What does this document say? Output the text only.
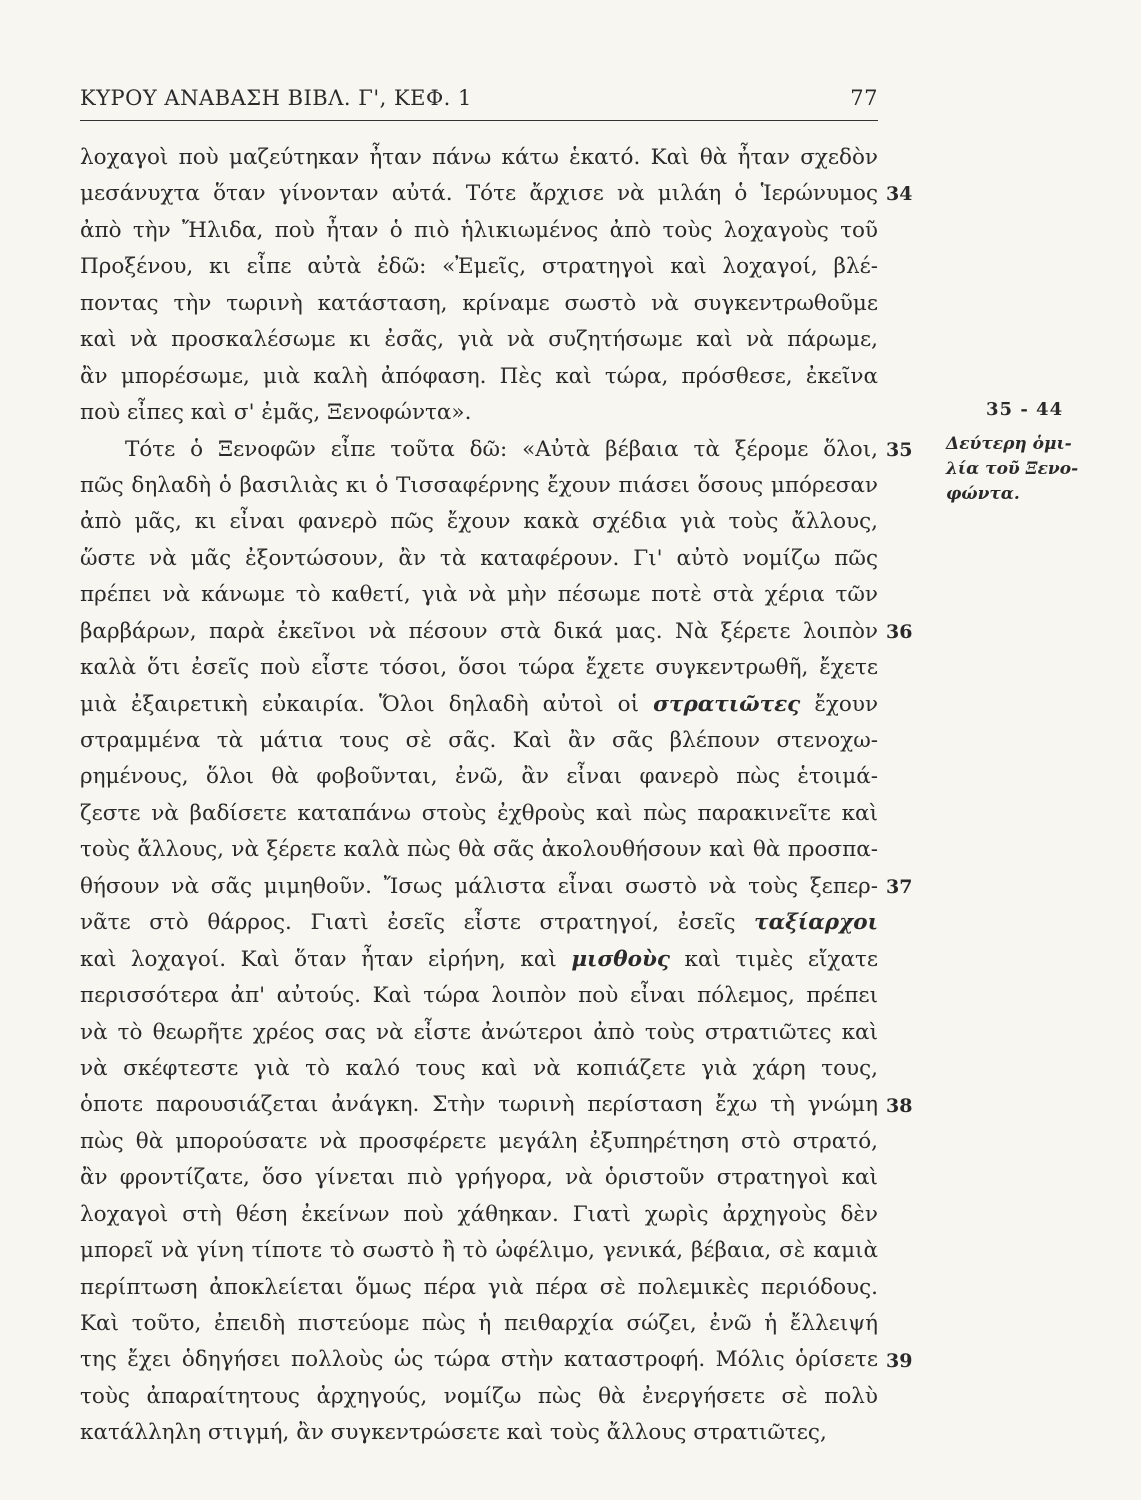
ΚΥΡΟΥ ΑΝΑΒΑΣΗ ΒΙΒΛ. Γ', ΚΕΦ. 1	77
λοχαγοὶ ποὺ μαζεύτηκαν ἦταν πάνω κάτω ἑκατό. Καὶ θὰ ἦταν σχεδὸν
μεσάνυχτα ὅταν γίνονταν αὐτά. Τότε ἄρχισε νὰ μιλάη ὁ Ἱερώνυμος
ἀπὸ τὴν Ἤλιδα, ποὺ ἦταν ὁ πιὸ ἡλικιωμένος ἀπὸ τοὺς λοχαγοὺς τοῦ
Προξένου, κι εἶπε αὐτὰ ἐδῶ: «Ἐμεῖς, στρατηγοὶ καὶ λοχαγοί, βλέ-
ποντας τὴν τωρινὴ κατάσταση, κρίναμε σωστὸ νὰ συγκεντρωθοῦμε
καὶ νὰ προσκαλέσωμε κι ἐσᾶς, γιὰ νὰ συζητήσωμε καὶ νὰ πάρωμε,
ἂν μπορέσωμε, μιὰ καλὴ ἀπόφαση. Πὲς καὶ τώρα, πρόσθεσε, ἐκεῖνα
ποὺ εἶπες καὶ σ' ἐμᾶς, Ξενοφώντα».
Τότε ὁ Ξενοφῶν εἶπε τοῦτα δῶ: «Αὐτὰ βέβαια τὰ ξέρομε ὅλοι,
πῶς δηλαδὴ ὁ βασιλιὰς κι ὁ Τισσαφέρνης ἔχουν πιάσει ὅσους μπόρεσαν
ἀπὸ μᾶς, κι εἶναι φανερὸ πῶς ἔχουν κακὰ σχέδια γιὰ τοὺς ἄλλους,
ὥστε νὰ μᾶς ἐξοντώσουν, ἂν τὰ καταφέρουν. Γι' αὐτὸ νομίζω πῶς
πρέπει νὰ κάνωμε τὸ καθετί, γιὰ νὰ μὴν πέσωμε ποτὲ στὰ χέρια τῶν
βαρβάρων, παρὰ ἐκεῖνοι νὰ πέσουν στὰ δικά μας. Νὰ ξέρετε λοιπὸν
καλὰ ὅτι ἐσεῖς ποὺ εἶστε τόσοι, ὅσοι τώρα ἔχετε συγκεντρωθῆ, ἔχετε
μιὰ ἐξαιρετικὴ εὐκαιρία. Ὅλοι δηλαδὴ αὐτοὶ οἱ στρατιῶτες ἔχουν
στραμμένα τὰ μάτια τους σὲ σᾶς. Καὶ ἂν σᾶς βλέπουν στενοχω-
ρημένους, ὅλοι θὰ φοβοῦνται, ἐνῶ, ἂν εἶναι φανερὸ πὼς ἑτοιμά-
ζεστε νὰ βαδίσετε καταπάνω στοὺς ἐχθροὺς καὶ πὼς παρακινεῖτε καὶ
τοὺς ἄλλους, νὰ ξέρετε καλὰ πὼς θὰ σᾶς ἀκολουθήσουν καὶ θὰ προσπα-
θήσουν νὰ σᾶς μιμηθοῦν. Ἴσως μάλιστα εἶναι σωστὸ νὰ τοὺς ξεπερ-
νᾶτε στὸ θάρρος. Γιατὶ ἐσεῖς εἶστε στρατηγοί, ἐσεῖς ταξίαρχοι
καὶ λοχαγοί. Καὶ ὅταν ἦταν εἰρήνη, καὶ μισθοὺς καὶ τιμὲς εἴχατε
περισσότερα ἀπ' αὐτούς. Καὶ τώρα λοιπὸν ποὺ εἶναι πόλεμος, πρέπει
νὰ τὸ θεωρῆτε χρέος σας νὰ εἶστε ἀνώτεροι ἀπὸ τοὺς στρατιῶτες καὶ
νὰ σκέφτεστε γιὰ τὸ καλό τους καὶ νὰ κοπιάζετε γιὰ χάρη τους,
ὁποτε παρουσιάζεται ἀνάγκη. Στὴν τωρινὴ περίσταση ἔχω τὴ γνώμη
πὼς θὰ μπορούσατε νὰ προσφέρετε μεγάλη ἐξυπηρέτηση στὸ στρατό,
ἂν φροντίζατε, ὅσο γίνεται πιὸ γρήγορα, νὰ ὁριστοῦν στρατηγοὶ καὶ
λοχαγοὶ στὴ θέση ἐκείνων ποὺ χάθηκαν. Γιατὶ χωρὶς ἀρχηγοὺς δὲν
μπορεῖ νὰ γίνη τίποτε τὸ σωστὸ ἢ τὸ ὠφέλιμο, γενικά, βέβαια, σὲ καμιὰ
περίπτωση ἀποκλείεται ὅμως πέρα γιὰ πέρα σὲ πολεμικὲς περιόδους.
Καὶ τοῦτο, ἐπειδὴ πιστεύομε πὼς ἡ πειθαρχία σώζει, ἐνῶ ἡ ἔλλειψή
της ἔχει ὁδηγήσει πολλοὺς ὡς τώρα στὴν καταστροφή. Μόλις ὁρίσετε
τοὺς ἀπαραίτητους ἀρχηγούς, νομίζω πὼς θὰ ἐνεργήσετε σὲ πολὺ
κατάλληλη στιγμή, ἂν συγκεντρώσετε καὶ τοὺς ἄλλους στρατιῶτες,
34
35
36
37
38
39
35 - 44
Δεύτερη ὁμι-
λία τοῦ Ξενο-
φώντα.
